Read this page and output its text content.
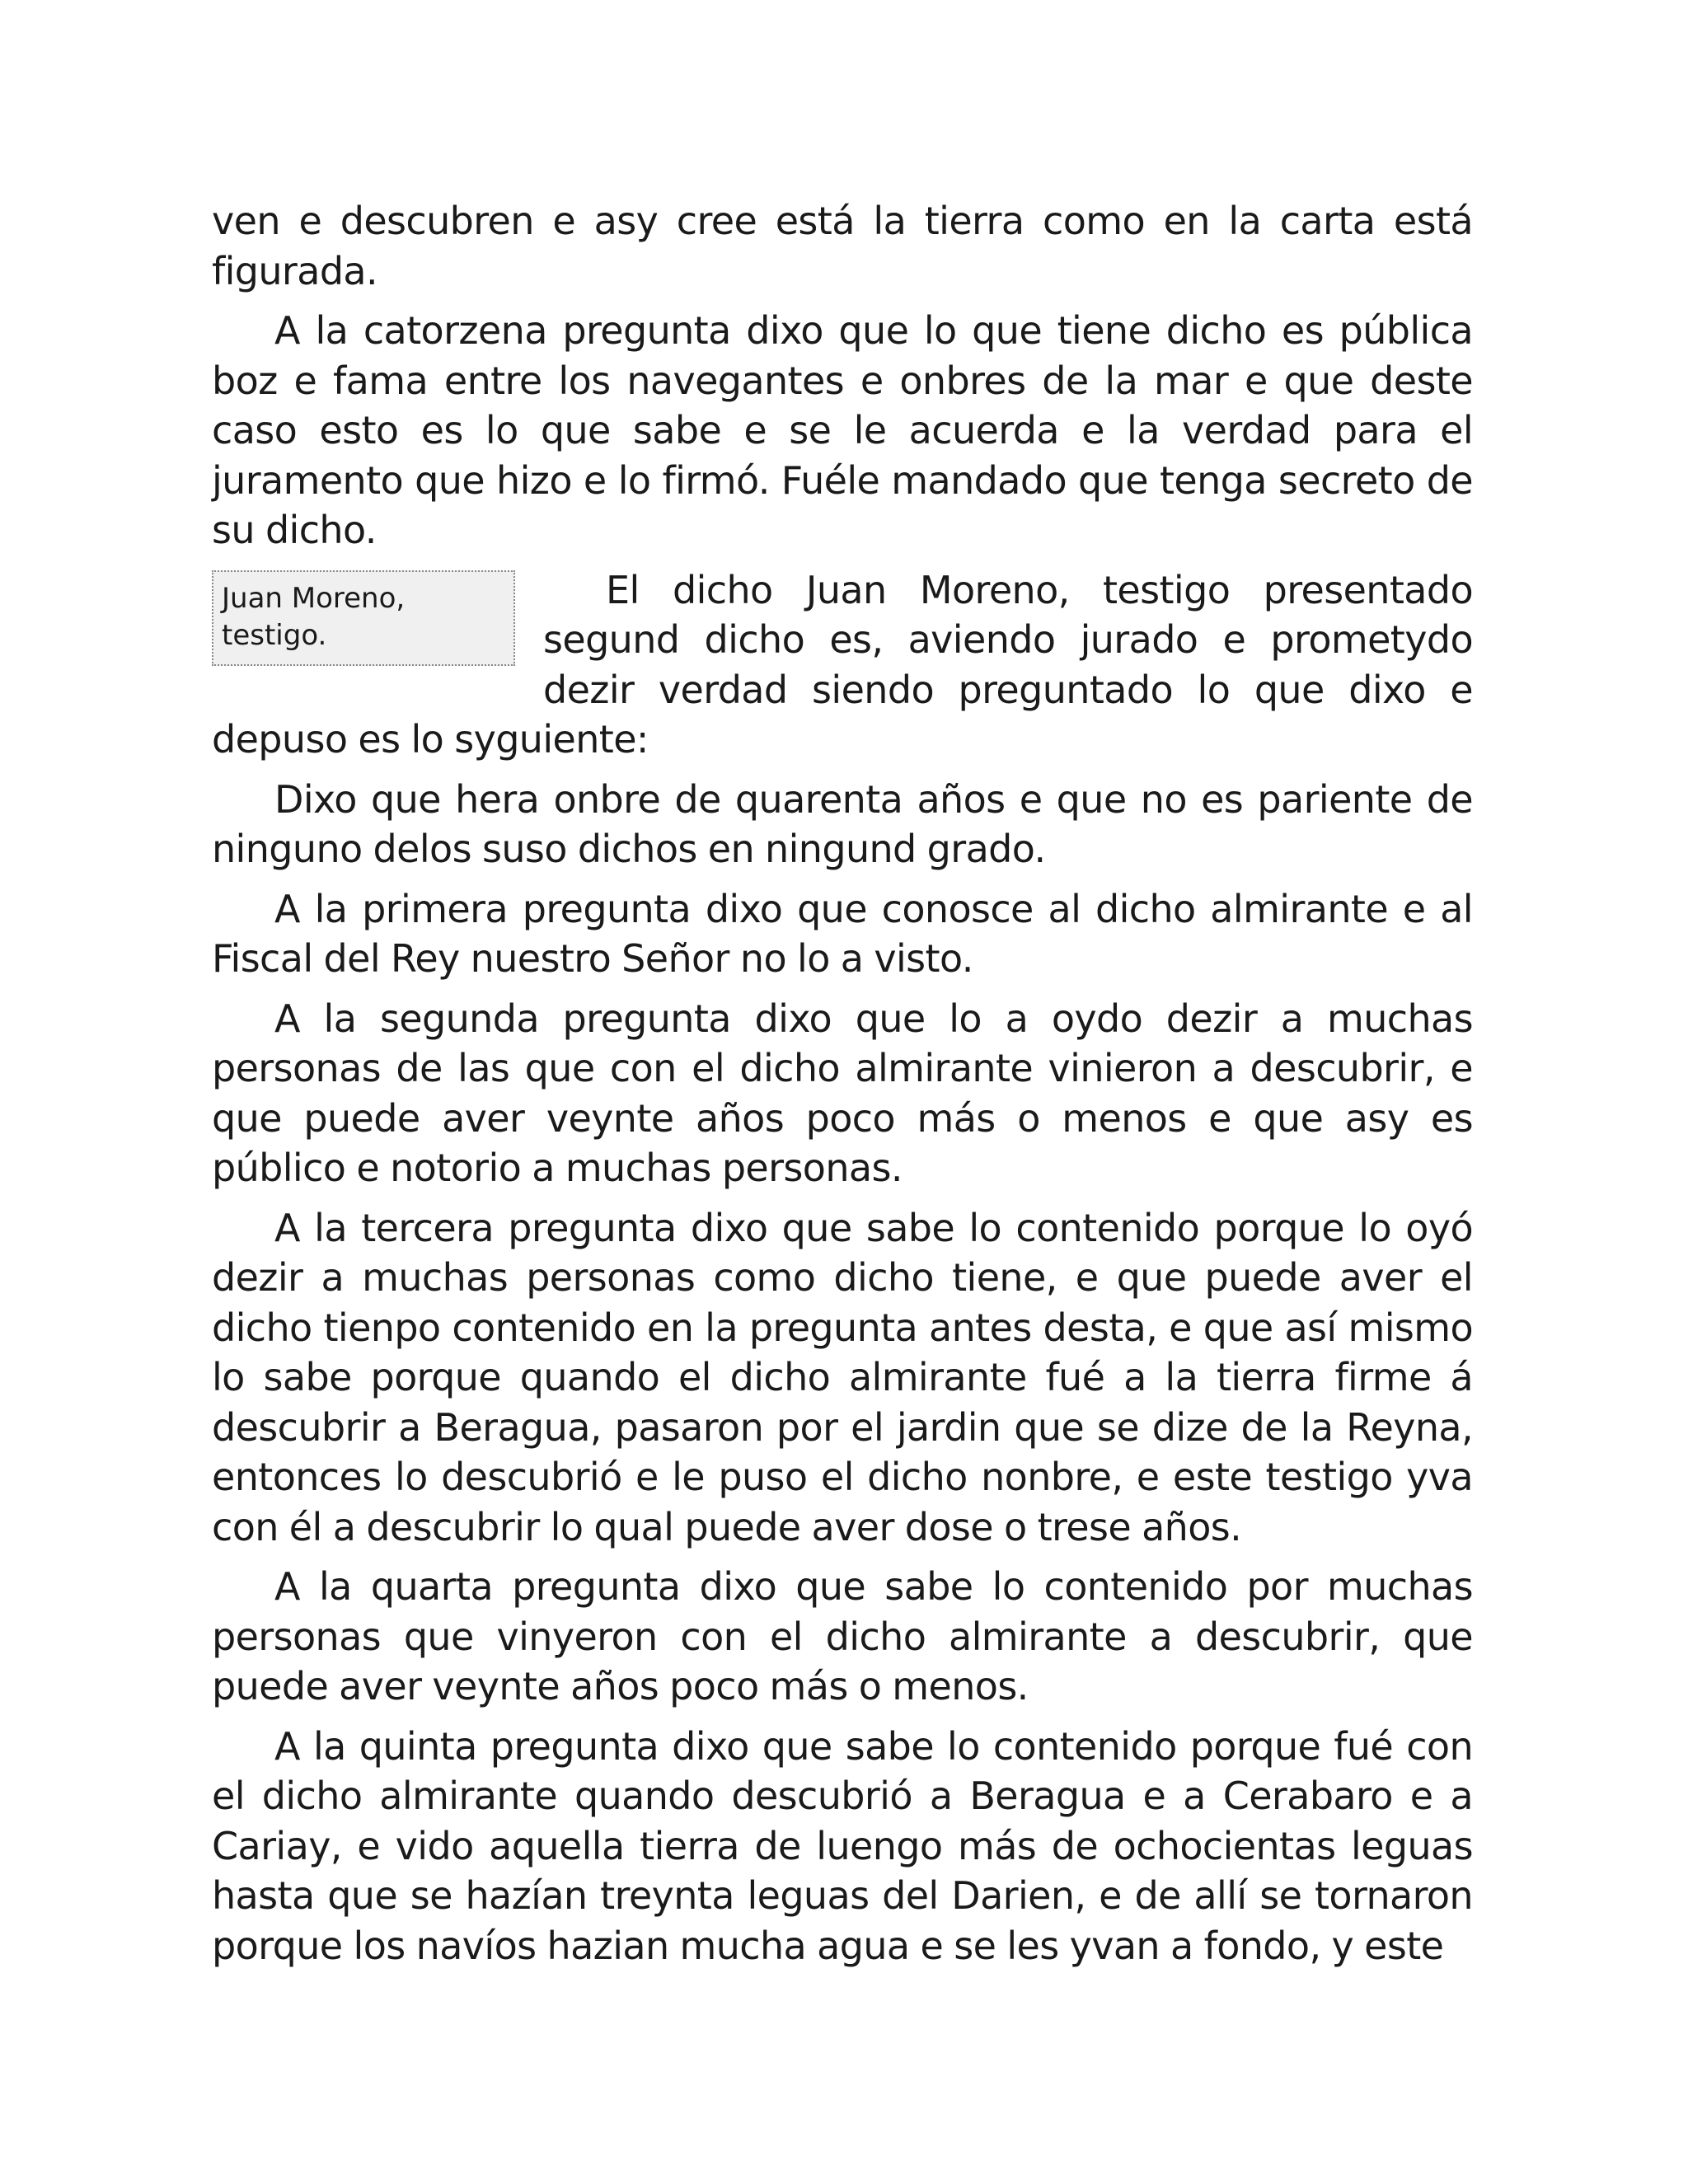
ven e descubren e asy cree está la tierra como en la carta está figurada.

A la catorzena pregunta dixo que lo que tiene dicho es pública boz e fama entre los navegantes e onbres de la mar e que deste caso esto es lo que sabe e se le acuerda e la verdad para el juramento que hizo e lo firmó. Fuéle mandado que tenga secreto de su dicho.

Juan Moreno,
testigo.

El dicho Juan Moreno, testigo presentado segund dicho es, aviendo jurado e prometydo dezir verdad siendo preguntado lo que dixo e depuso es lo syguiente:

Dixo que hera onbre de quarenta años e que no es pariente de ninguno delos suso dichos en ningund grado.

A la primera pregunta dixo que conosce al dicho almirante e al Fiscal del Rey nuestro Señor no lo a visto.

A la segunda pregunta dixo que lo a oydo dezir a muchas personas de las que con el dicho almirante vinieron a descubrir, e que puede aver veynte años poco más o menos e que asy es público e notorio a muchas personas.

A la tercera pregunta dixo que sabe lo contenido porque lo oyó dezir a muchas personas como dicho tiene, e que puede aver el dicho tienpo contenido en la pregunta antes desta, e que así mismo lo sabe porque quando el dicho almirante fué a la tierra firme á descubrir a Beragua, pasaron por el jardin que se dize de la Reyna, entonces lo descubrió e le puso el dicho nonbre, e este testigo yva con él a descubrir lo qual puede aver dose o trese años.

A la quarta pregunta dixo que sabe lo contenido por muchas personas que vinyeron con el dicho almirante a descubrir, que puede aver veynte años poco más o menos.

A la quinta pregunta dixo que sabe lo contenido porque fué con el dicho almirante quando descubrió a Beragua e a Cerabaro e a Cariay, e vido aquella tierra de luengo más de ochocientas leguas hasta que se hazían treynta leguas del Darien, e de allí se tornaron porque los navíos hazian mucha agua e se les yvan a fondo, y este
